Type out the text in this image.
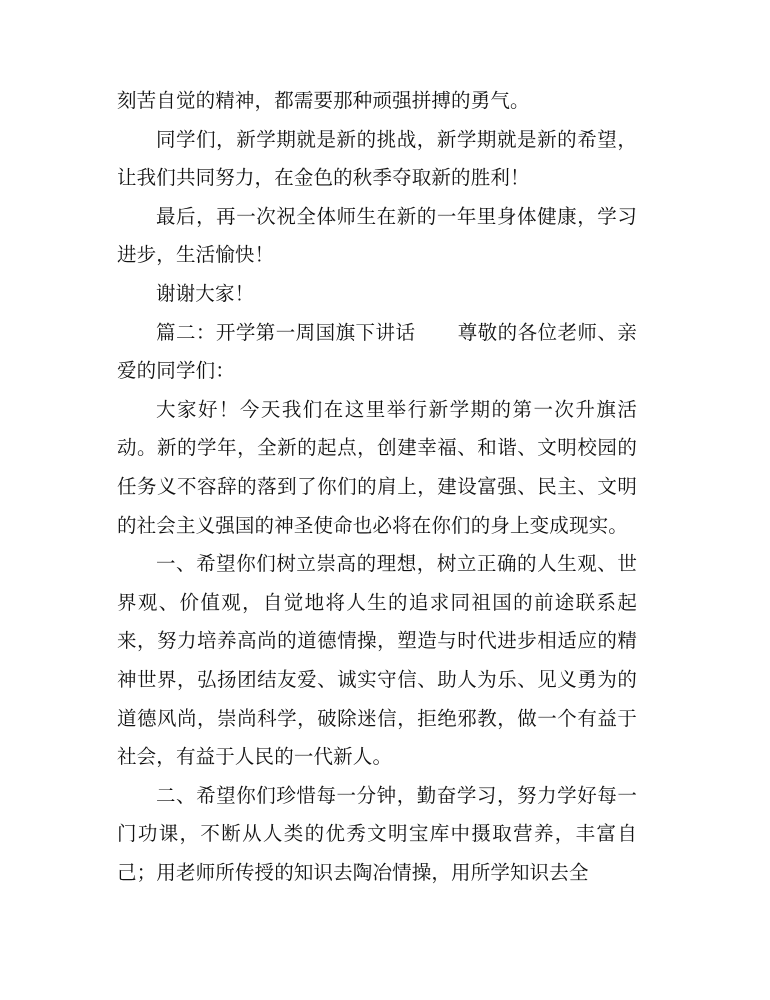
刻苦自觉的精神，都需要那种顽强拼搏的勇气。

同学们，新学期就是新的挑战，新学期就是新的希望，让我们共同努力，在金色的秋季夺取新的胜利！

最后，再一次祝全体师生在新的一年里身体健康，学习进步，生活愉快！

谢谢大家！

篇二：开学第一周国旗下讲话 尊敬的各位老师、亲爱的同学们：

大家好！今天我们在这里举行新学期的第一次升旗活动。新的学年，全新的起点，创建幸福、和谐、文明校园的任务义不容辞的落到了你们的肩上，建设富强、民主、文明的社会主义强国的神圣使命也必将在你们的身上变成现实。

一、希望你们树立崇高的理想，树立正确的人生观、世界观、价值观，自觉地将人生的追求同祖国的前途联系起来，努力培养高尚的道德情操，塑造与时代进步相适应的精神世界，弘扬团结友爱、诚实守信、助人为乐、见义勇为的道德风尚，崇尚科学，破除迷信，拒绝邪教，做一个有益于社会，有益于人民的一代新人。

二、希望你们珍惜每一分钟，勤奋学习，努力学好每一门功课，不断从人类的优秀文明宝库中摄取营养，丰富自己；用老师所传授的知识去陶冶情操，用所学知识去全
